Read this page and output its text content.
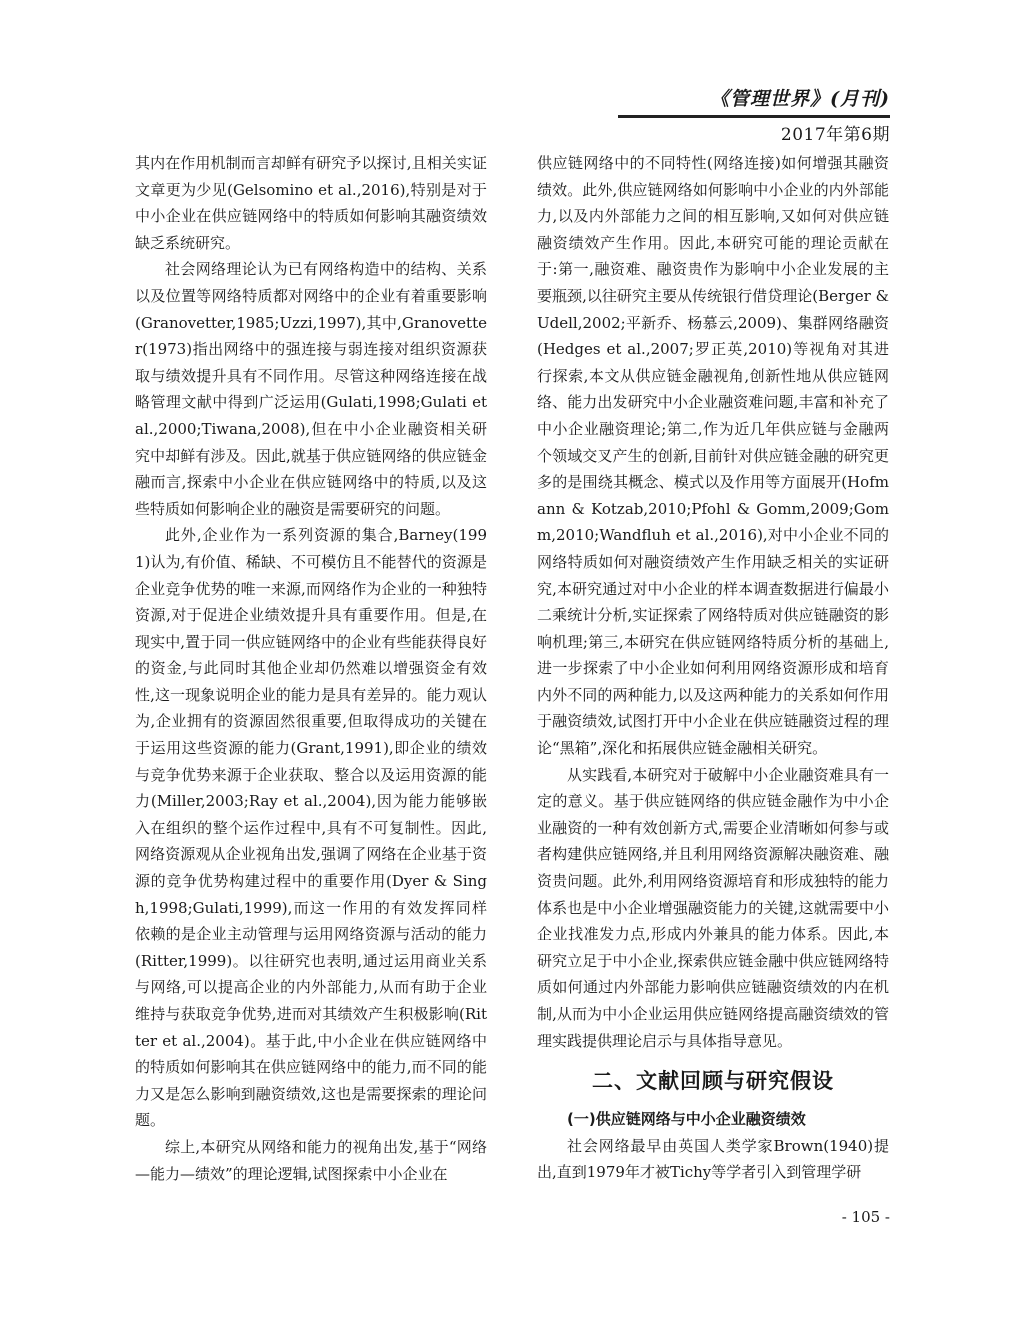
《管理世界》(月刊)
2017年第6期

其内在作用机制而言却鲜有研究予以探讨,且相关实证文章更为少见(Gelsomino et al.,2016),特别是对于中小企业在供应链网络中的特质如何影响其融资绩效缺乏系统研究。

社会网络理论认为已有网络构造中的结构、关系以及位置等网络特质都对网络中的企业有着重要影响(Granovetter,1985;Uzzi,1997),其中,Granovetter(1973)指出网络中的强连接与弱连接对组织资源获取与绩效提升具有不同作用。尽管这种网络连接在战略管理文献中得到广泛运用(Gulati,1998;Gulati et al.,2000;Tiwana,2008),但在中小企业融资相关研究中却鲜有涉及。因此,就基于供应链网络的供应链金融而言,探索中小企业在供应链网络中的特质,以及这些特质如何影响企业的融资是需要研究的问题。

此外,企业作为一系列资源的集合,Barney(1991)认为,有价值、稀缺、不可模仿且不能替代的资源是企业竞争优势的唯一来源,而网络作为企业的一种独特资源,对于促进企业绩效提升具有重要作用。但是,在现实中,置于同一供应链网络中的企业有些能获得良好的资金,与此同时其他企业却仍然难以增强资金有效性,这一现象说明企业的能力是具有差异的。能力观认为,企业拥有的资源固然很重要,但取得成功的关键在于运用这些资源的能力(Grant,1991),即企业的绩效与竞争优势来源于企业获取、整合以及运用资源的能力(Miller,2003;Ray et al.,2004),因为能力能够嵌入在组织的整个运作过程中,具有不可复制性。因此,网络资源观从企业视角出发,强调了网络在企业基于资源的竞争优势构建过程中的重要作用(Dyer & Singh,1998;Gulati,1999),而这一作用的有效发挥同样依赖的是企业主动管理与运用网络资源与活动的能力(Ritter,1999)。以往研究也表明,通过运用商业关系与网络,可以提高企业的内外部能力,从而有助于企业维持与获取竞争优势,进而对其绩效产生积极影响(Ritter et al.,2004)。基于此,中小企业在供应链网络中的特质如何影响其在供应链网络中的能力,而不同的能力又是怎么影响到融资绩效,这也是需要探索的理论问题。

综上,本研究从网络和能力的视角出发,基于“网络—能力—绩效”的理论逻辑,试图探索中小企业在

供应链网络中的不同特性(网络连接)如何增强其融资绩效。此外,供应链网络如何影响中小企业的内外部能力,以及内外部能力之间的相互影响,又如何对供应链融资绩效产生作用。因此,本研究可能的理论贡献在于:第一,融资难、融资贵作为影响中小企业发展的主要瓶颈,以往研究主要从传统银行借贷理论(Berger & Udell,2002;平新乔、杨慕云,2009)、集群网络融资(Hedges et al.,2007;罗正英,2010)等视角对其进行探索,本文从供应链金融视角,创新性地从供应链网络、能力出发研究中小企业融资难问题,丰富和补充了中小企业融资理论;第二,作为近几年供应链与金融两个领域交叉产生的创新,目前针对供应链金融的研究更多的是围绕其概念、模式以及作用等方面展开(Hofmann & Kotzab,2010;Pfohl & Gomm,2009;Gomm,2010;Wandfluh et al.,2016),对中小企业不同的网络特质如何对融资绩效产生作用缺乏相关的实证研究,本研究通过对中小企业的样本调查数据进行偏最小二乘统计分析,实证探索了网络特质对供应链融资的影响机理;第三,本研究在供应链网络特质分析的基础上,进一步探索了中小企业如何利用网络资源形成和培育内外不同的两种能力,以及这两种能力的关系如何作用于融资绩效,试图打开中小企业在供应链融资过程的理论“黑箱”,深化和拓展供应链金融相关研究。

从实践看,本研究对于破解中小企业融资难具有一定的意义。基于供应链网络的供应链金融作为中小企业融资的一种有效创新方式,需要企业清晰如何参与或者构建供应链网络,并且利用网络资源解决融资难、融资贵问题。此外,利用网络资源培育和形成独特的能力体系也是中小企业增强融资能力的关键,这就需要中小企业找准发力点,形成内外兼具的能力体系。因此,本研究立足于中小企业,探索供应链金融中供应链网络特质如何通过内外部能力影响供应链融资绩效的内在机制,从而为中小企业运用供应链网络提高融资绩效的管理实践提供理论启示与具体指导意见。

二、文献回顾与研究假设

(一)供应链网络与中小企业融资绩效

社会网络最早由英国人类学家Brown(1940)提出,直到1979年才被Tichy等学者引入到管理学研

- 105 -
